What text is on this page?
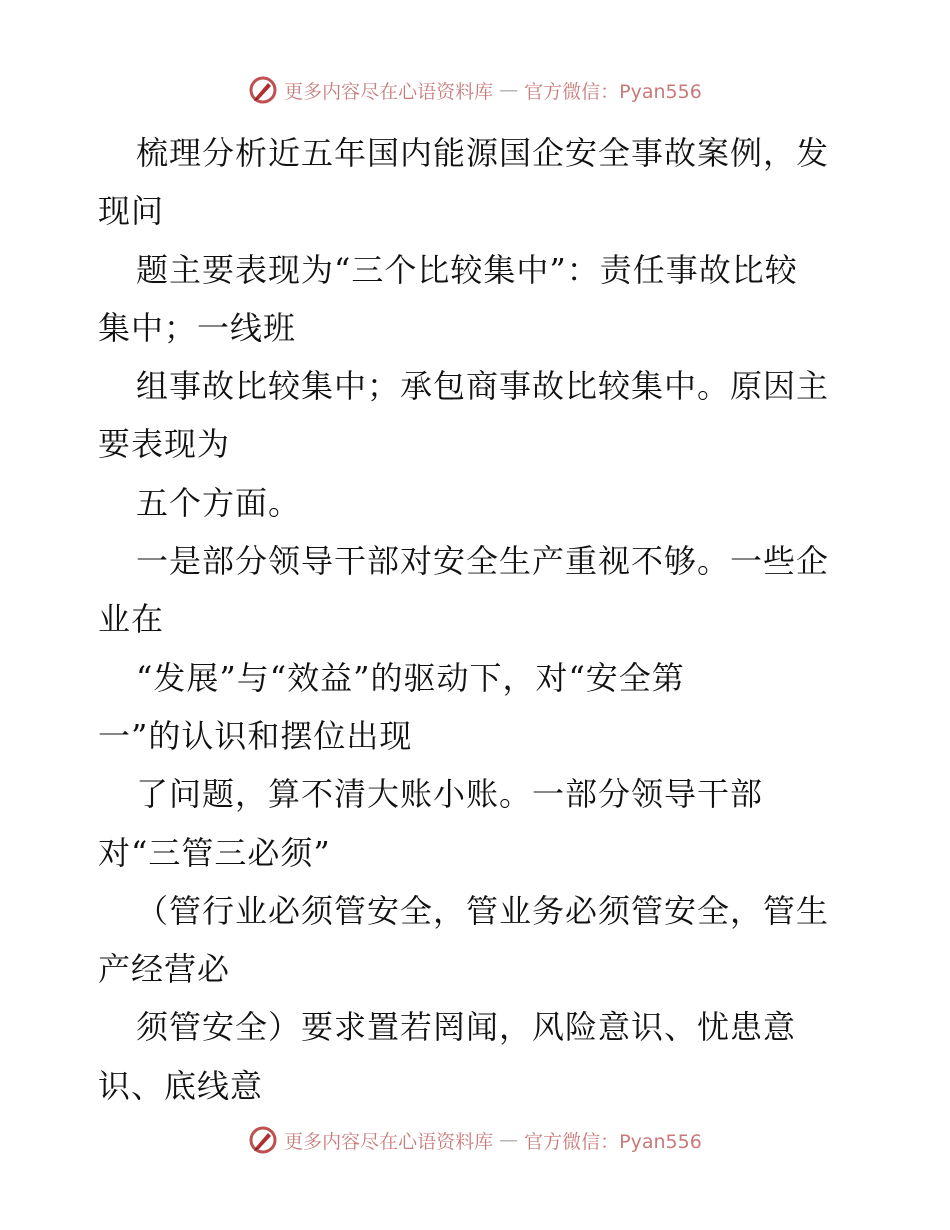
更多内容尽在心语资料库 — 官方微信：Pyan556
梳理分析近五年国内能源国企安全事故案例，发
现问
题主要表现为“三个比较集中”：责任事故比较
集中；一线班
组事故比较集中；承包商事故比较集中。原因主
要表现为
五个方面。
一是部分领导干部对安全生产重视不够。一些企
业在
“发展”与“效益”的驱动下，对“安全第
一”的认识和摆位出现
了问题，算不清大账小账。一部分领导干部
对“三管三必须”
（管行业必须管安全，管业务必须管安全，管生
产经营必
须管安全）要求置若罔闻，风险意识、忧患意
识、底线意
更多内容尽在心语资料库 — 官方微信：Pyan556
